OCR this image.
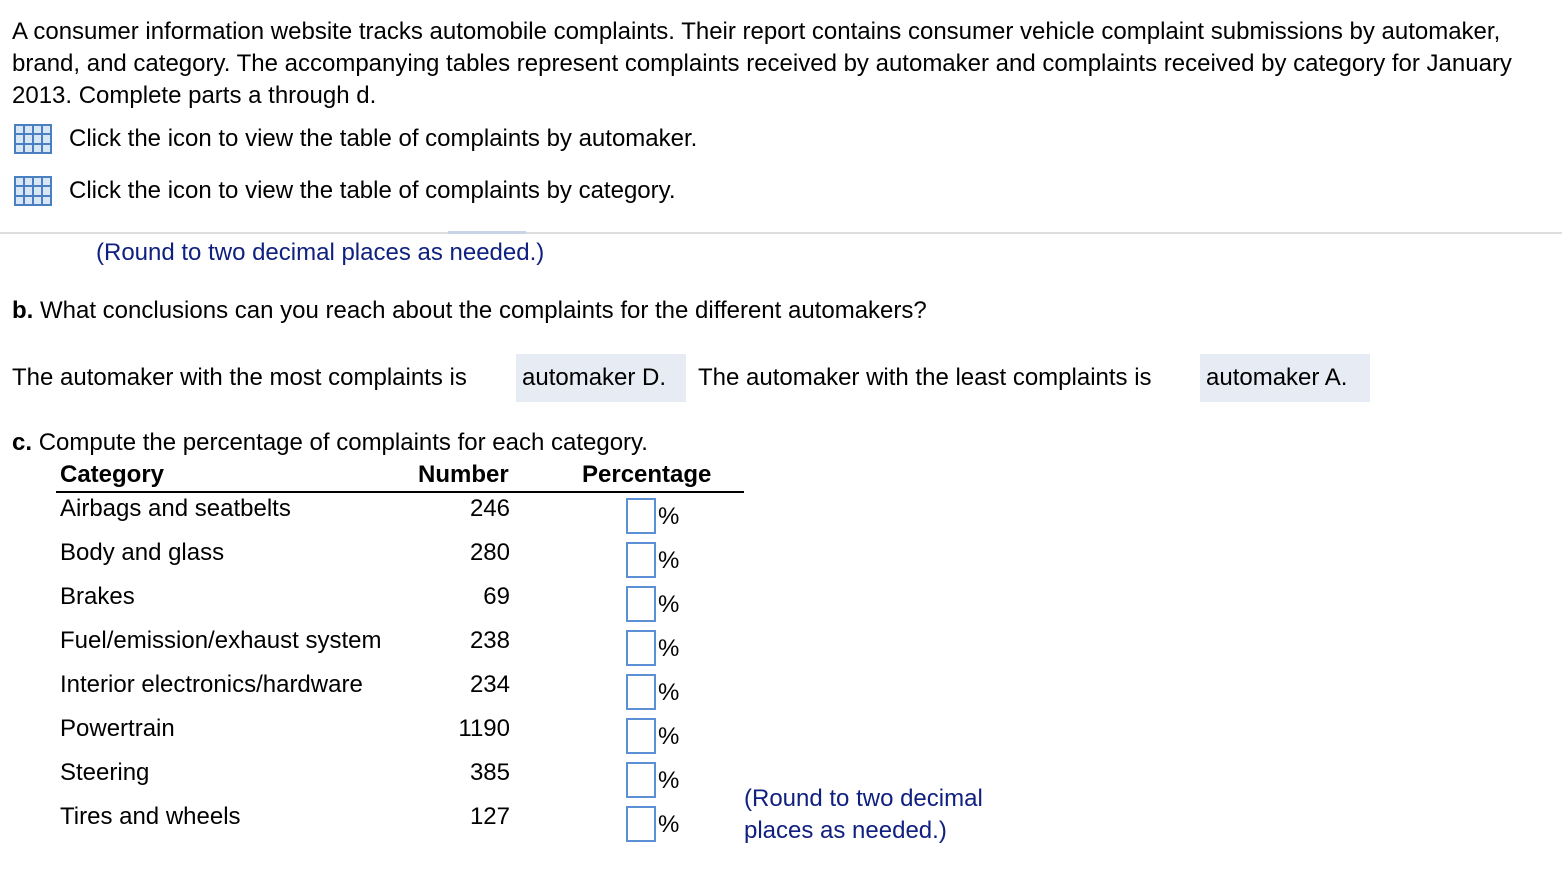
A consumer information website tracks automobile complaints. Their report contains consumer vehicle complaint submissions by automaker, brand, and category. The accompanying tables represent complaints received by automaker and complaints received by category for January 2013. Complete parts a through d.
Click the icon to view the table of complaints by automaker.
Click the icon to view the table of complaints by category.
(Round to two decimal places as needed.)
b. What conclusions can you reach about the complaints for the different automakers?
The automaker with the most complaints is automaker D.	The automaker with the least complaints is automaker A.
c. Compute the percentage of complaints for each category.
Category	Number	Percentage
Airbags and seatbelts	246	%
Body and glass	280	%
Brakes	69	%
Fuel/emission/exhaust system	238	%
Interior electronics/hardware	234	%
Powertrain	1190	%
Steering	385	%
Tires and wheels	127	%
(Round to two decimal
places as needed.)
